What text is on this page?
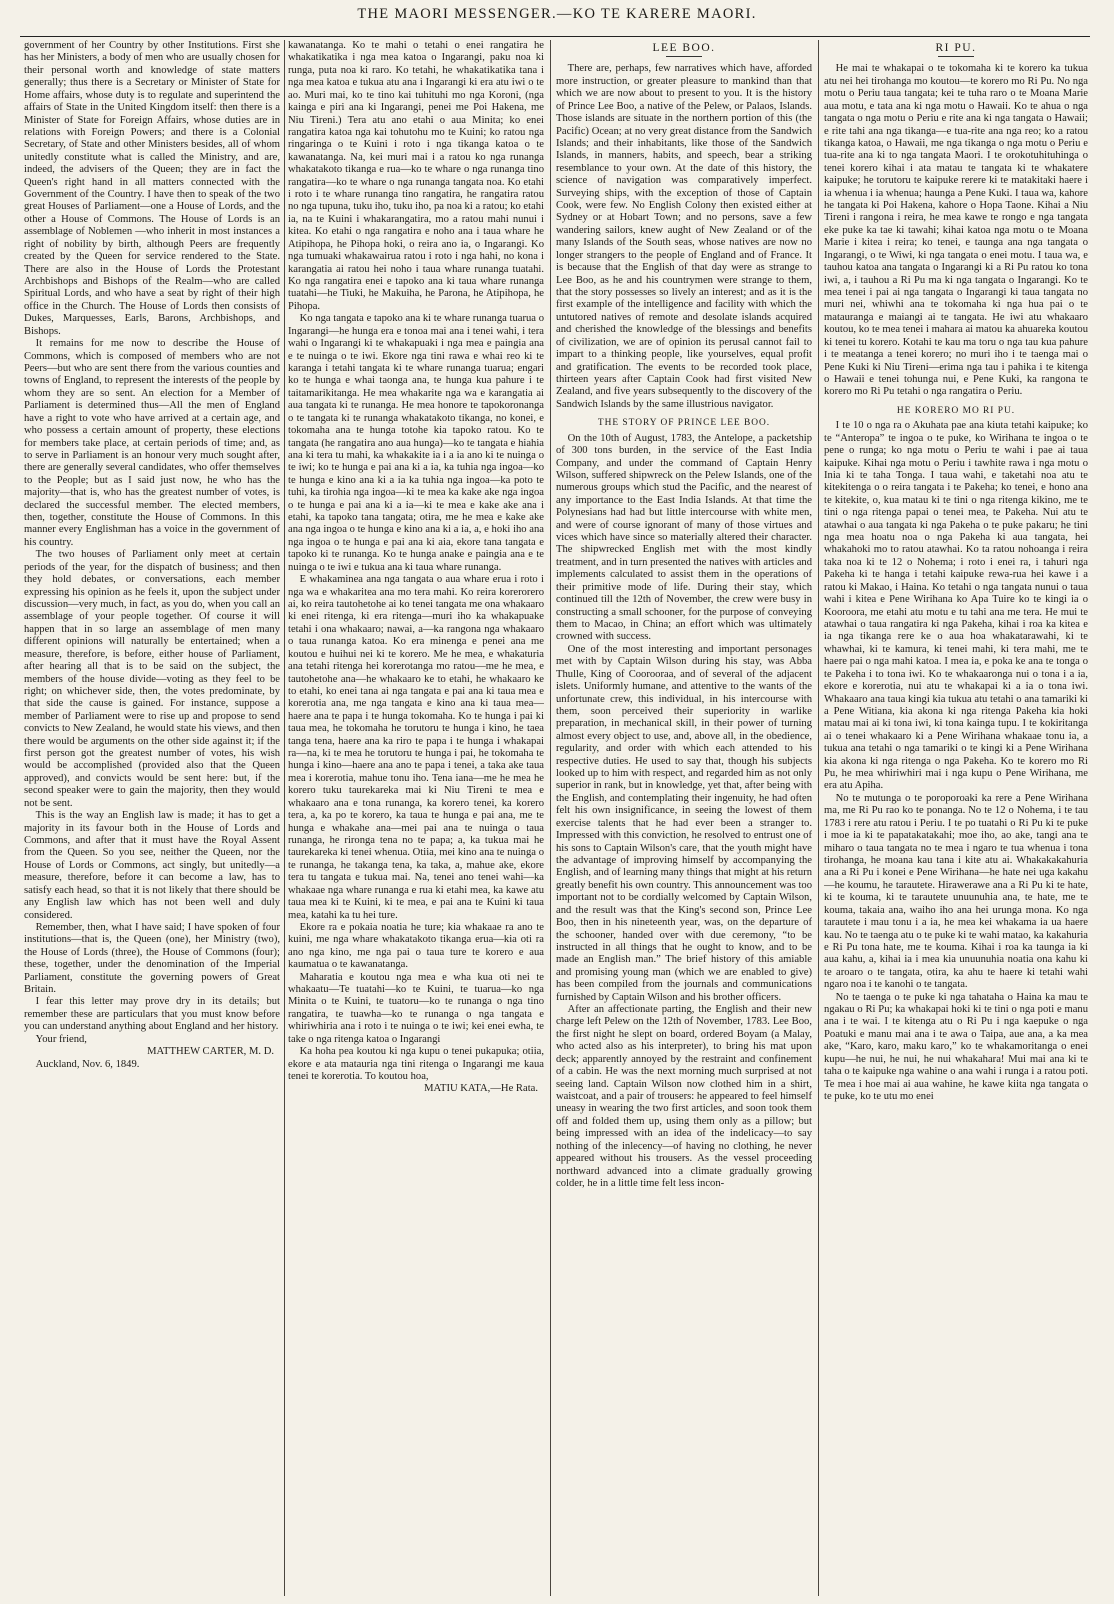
THE MAORI MESSENGER.—KO TE KARERE MAORI.

government of her Country by other Institutions. First she has her Ministers, a body of men who are usually chosen for their personal worth and knowledge of state matters generally; thus there is a Secretary or Minister of State for Home affairs, whose duty is to regulate and superintend the affairs of State in the United Kingdom itself: then there is a Minister of State for Foreign Affairs, whose duties are in relations with Foreign Powers; and there is a Colonial Secretary, of State and other Ministers besides, all of whom unitedly constitute what is called the Ministry, and are, indeed, the advisers of the Queen; they are in fact the Queen's right hand in all matters connected with the Government of the Country. I have then to speak of the two great Houses of Parliament—one a House of Lords, and the other a House of Commons. The House of Lords is an assemblage of Noblemen —who inherit in most instances a right of nobility by birth, although Peers are frequently created by the Queen for service rendered to the State. There are also in the House of Lords the Protestant Archbishops and Bishops of the Realm—who are called Spiritual Lords, and who have a seat by right of their high office in the Church. The House of Lords then consists of Dukes, Marquesses, Earls, Barons, Archbishops, and Bishops.

It remains for me now to describe the House of Commons, which is composed of members who are not Peers—but who are sent there from the various counties and towns of England, to represent the interests of the people by whom they are so sent. An election for a Member of Parliament is determined thus—All the men of England have a right to vote who have arrived at a certain age, and who possess a certain amount of property, these elections for members take place, at certain periods of time; and, as to serve in Parliament is an honour very much sought after, there are generally several candidates, who offer themselves to the People; but as I said just now, he who has the majority—that is, who has the greatest number of votes, is declared the successful member. The elected members, then, together, constitute the House of Commons. In this manner every Englishman has a voice in the government of his country.

The two houses of Parliament only meet at certain periods of the year, for the dispatch of business; and then they hold debates, or conversations, each member expressing his opinion as he feels it, upon the subject under discussion—very much, in fact, as you do, when you call an assemblage of your people together. Of course it will happen that in so large an assemblage of men many different opinions will naturally be entertained; when a measure, therefore, is before, either house of Parliament, after hearing all that is to be said on the subject, the members of the house divide—voting as they feel to be right; on whichever side, then, the votes predominate, by that side the cause is gained. For instance, suppose a member of Parliament were to rise up and propose to send convicts to New Zealand, he would state his views, and then there would be arguments on the other side against it; if the first person got the greatest number of votes, his wish would be accomplished (provided also that the Queen approved), and convicts would be sent here: but, if the second speaker were to gain the majority, then they would not be sent.

This is the way an English law is made; it has to get a majority in its favour both in the House of Lords and Commons, and after that it must have the Royal Assent from the Queen. So you see, neither the Queen, nor the House of Lords or Commons, act singly, but unitedly—a measure, therefore, before it can become a law, has to satisfy each head, so that it is not likely that there should be any English law which has not been well and duly considered.

Remember, then, what I have said; I have spoken of four institutions—that is, the Queen (one), her Ministry (two), the House of Lords (three), the House of Commons (four); these, together, under the denomination of the Imperial Parliament, constitute the governing powers of Great Britain.

I fear this letter may prove dry in its details; but remember these are particulars that you must know before you can understand anything about England and her history.

Your friend,

MATTHEW CARTER, M. D.

Auckland, Nov. 6, 1849.

kawanatanga. Ko te mahi o tetahi o enei rangatira he whakatikatika i nga mea katoa o Ingarangi, paku noa ki runga, puta noa ki raro. Ko tetahi, he whakatikatika tana i nga mea katoa e tukua atu ana i Ingarangi ki era atu iwi o te ao. Muri mai, ko te tino kai tuhituhi mo nga Koroni, (nga kainga e piri ana ki Ingarangi, penei me Poi Hakena, me Niu Tireni.) Tera atu ano etahi o aua Minita; ko enei rangatira katoa nga kai tohutohu mo te Kuini; ko ratou nga ringaringa o te Kuini i roto i nga tikanga katoa o te kawanatanga. Na, kei muri mai i a ratou ko nga runanga whakatakoto tikanga e rua—ko te whare o nga runanga tino rangatira—ko te whare o nga runanga tangata noa. Ko etahi i roto i te whare runanga tino rangatira, he rangatira ratou no nga tupuna, tuku iho, tuku iho, pa noa ki a ratou; ko etahi ia, na te Kuini i whakarangatira, mo a ratou mahi nunui i kitea. Ko etahi o nga rangatira e noho ana i taua whare he Atipihopa, he Pihopa hoki, o reira ano ia, o Ingarangi. Ko nga tumuaki whakawairua ratou i roto i nga hahi, no kona i karangatia ai ratou hei noho i taua whare runanga tuatahi. Ko nga rangatira enei e tapoko ana ki taua whare runanga tuatahi—he Tiuki, he Makuiha, he Parona, he Atipihopa, he Pihopa.

Ko nga tangata e tapoko ana ki te whare runanga tuarua o Ingarangi—he hunga era e tonoa mai ana i tenei wahi, i tera wahi o Ingarangi ki te whakapuaki i nga mea e paingia ana e te nuinga o te iwi. Ekore nga tini rawa e whai reo ki te karanga i tetahi tangata ki te whare runanga tuarua; engari ko te hunga e whai taonga ana, te hunga kua pahure i te taitamarikitanga. He mea whakarite nga wa e karangatia ai aua tangata ki te runanga. He mea honore te tapokoronanga o te tangata ki te runanga whakatakoto tikanga, no konei, e tokomaha ana te hunga totohe kia tapoko ratou. Ko te tangata (he rangatira ano aua hunga)—ko te tangata e hiahia ana ki tera tu mahi, ka whakakite ia i a ia ano ki te nuinga o te iwi; ko te hunga e pai ana ki a ia, ka tuhia nga ingoa—ko te hunga e kino ana ki a ia ka tuhia nga ingoa—ka poto te tuhi, ka tirohia nga ingoa—ki te mea ka kake ake nga ingoa o te hunga e pai ana ki a ia—ki te mea e kake ake ana i etahi, ka tapoko tana tangata; otira, me he mea e kake ake ana nga ingoa o te hunga e kino ana ki a ia, a, e hoki iho ana nga ingoa o te hunga e pai ana ki aia, ekore tana tangata e tapoko ki te runanga. Ko te hunga anake e paingia ana e te nuinga o te iwi e tukua ana ki taua whare runanga.

E whakaminea ana nga tangata o aua whare erua i roto i nga wa e whakaritea ana mo tera mahi. Ko reira korerorero ai, ko reira tautohetohe ai ko tenei tangata me ona whakaaro ki enei ritenga, ki era ritenga—muri iho ka whakapuake tetahi i ona whakaaro; nawai, a—ka rangona nga whakaaro o taua runanga katoa. Ko era minenga e penei ana me koutou e huihui nei ki te korero. Me he mea, e whakaturia ana tetahi ritenga hei korerotanga mo ratou—me he mea, e tautohetohe ana—he whakaaro ke to etahi, he whakaaro ke to etahi, ko enei tana ai nga tangata e pai ana ki taua mea e korerotia ana, me nga tangata e kino ana ki taua mea—haere ana te papa i te hunga tokomaha. Ko te hunga i pai ki taua mea, he tokomaha he torutoru te hunga i kino, he taea tanga tena, haere ana ka riro te papa i te hunga i whakapai ra—na, ki te mea he torutoru te hunga i pai, he tokomaha te hunga i kino—haere ana ano te papa i tenei, a taka ake taua mea i korerotia, mahue tonu iho. Tena iana—me he mea he korero tuku taurekareka mai ki Niu Tireni te mea e whakaaro ana e tona runanga, ka korero tenei, ka korero tera, a, ka po te korero, ka taua te hunga e pai ana, me te hunga e whakahe ana—mei pai ana te nuinga o taua runanga, he rironga tena no te papa; a, ka tukua mai he taurekareka ki tenei whenua. Otiia, mei kino ana te nuinga o te runanga, he takanga tena, ka taka, a, mahue ake, ekore tera tu tangata e tukua mai. Na, tenei ano tenei wahi—ka whakaae nga whare runanga e rua ki etahi mea, ka kawe atu taua mea ki te Kuini, ki te mea, e pai ana te Kuini ki taua mea, katahi ka tu hei ture.

Ekore ra e pokaia noatia he ture; kia whakaae ra ano te kuini, me nga whare whakatakoto tikanga erua—kia oti ra ano nga kino, me nga pai o taua ture te korero e aua kaumatua o te kawanatanga.

Maharatia e koutou nga mea e wha kua oti nei te whakaatu—Te tuatahi—ko te Kuini, te tuarua—ko nga Minita o te Kuini, te tuatoru—ko te runanga o nga tino rangatira, te tuawha—ko te runanga o nga tangata e whiriwhiria ana i roto i te nuinga o te iwi; kei enei ewha, te take o nga ritenga katoa o Ingarangi

Ka hoha pea koutou ki nga kupu o tenei pukapuka; otiia, ekore e ata matauria nga tini ritenga o Ingarangi me kaua tenei te korerotia. To koutou hoa,

MATIU KATA,—He Rata.

LEE BOO.

There are, perhaps, few narratives which have, afforded more instruction, or greater pleasure to mankind than that which we are now about to present to you. It is the history of Prince Lee Boo, a native of the Pelew, or Palaos, Islands. Those islands are situate in the northern portion of this (the Pacific) Ocean; at no very great distance from the Sandwich Islands; and their inhabitants, like those of the Sandwich Islands, in manners, habits, and speech, bear a striking resemblance to your own. At the date of this history, the science of navigation was comparatively imperfect. Surveying ships, with the exception of those of Captain Cook, were few. No English Colony then existed either at Sydney or at Hobart Town; and no persons, save a few wandering sailors, knew aught of New Zealand or of the many Islands of the South seas, whose natives are now no longer strangers to the people of England and of France. It is because that the English of that day were as strange to Lee Boo, as he and his countrymen were strange to them, that the story possesses so lively an interest; and as it is the first example of the intelligence and facility with which the untutored natives of remote and desolate islands acquired and cherished the knowledge of the blessings and benefits of civilization, we are of opinion its perusal cannot fail to impart to a thinking people, like yourselves, equal profit and gratification. The events to be recorded took place, thirteen years after Captain Cook had first visited New Zealand, and five years subsequently to the discovery of the Sandwich Islands by the same illustrious navigator.

THE STORY OF PRINCE LEE BOO.

On the 10th of August, 1783, the Antelope, a packetship of 300 tons burden, in the service of the East India Company, and under the command of Captain Henry Wilson, suffered shipwreck on the Pelew Islands, one of the numerous groups which stud the Pacific, and the nearest of any importance to the East India Islands. At that time the Polynesians had had but little intercourse with white men, and were of course ignorant of many of those virtues and vices which have since so materially altered their character. The shipwrecked English met with the most kindly treatment, and in turn presented the natives with articles and implements calculated to assist them in the operations of their primitive mode of life. During their stay, which continued till the 12th of November, the crew were busy in constructing a small schooner, for the purpose of conveying them to Macao, in China; an effort which was ultimately crowned with success.

One of the most interesting and important personages met with by Captain Wilson during his stay, was Abba Thulle, King of Coorooraa, and of several of the adjacent islets. Uniformly humane, and attentive to the wants of the unfortunate crew, this individual, in his intercourse with them, soon perceived their superiority in warlike preparation, in mechanical skill, in their power of turning almost every object to use, and, above all, in the obedience, regularity, and order with which each attended to his respective duties. He used to say that, though his subjects looked up to him with respect, and regarded him as not only superior in rank, but in knowledge, yet that, after being with the English, and contemplating their ingenuity, he had often felt his own insignificance, in seeing the lowest of them exercise talents that he had ever been a stranger to. Impressed with this conviction, he resolved to entrust one of his sons to Captain Wilson's care, that the youth might have the advantage of improving himself by accompanying the English, and of learning many things that might at his return greatly benefit his own country. This announcement was too important not to be cordially welcomed by Captain Wilson, and the result was that the King's second son, Prince Lee Boo, then in his nineteenth year, was, on the departure of the schooner, handed over with due ceremony, “to be instructed in all things that he ought to know, and to be made an English man.” The brief history of this amiable and promising young man (which we are enabled to give) has been compiled from the journals and communications furnished by Captain Wilson and his brother officers.

After an affectionate parting, the English and their new charge left Pelew on the 12th of November, 1783. Lee Boo, the first night he slept on board, ordered Boyam (a Malay, who acted also as his interpreter), to bring his mat upon deck; apparently annoyed by the restraint and confinement of a cabin. He was the next morning much surprised at not seeing land. Captain Wilson now clothed him in a shirt, waistcoat, and a pair of trousers: he appeared to feel himself uneasy in wearing the two first articles, and soon took them off and folded them up, using them only as a pillow; but being impressed with an idea of the indelicacy—to say nothing of the inlecency—of having no clothing, he never appeared without his trousers. As the vessel proceeding northward advanced into a climate gradually growing colder, he in a little time felt less incon-

RI PU.

He mai te whakapai o te tokomaha ki te korero ka tukua atu nei hei tirohanga mo koutou—te korero mo Ri Pu. No nga motu o Periu taua tangata; kei te tuha raro o te Moana Marie aua motu, e tata ana ki nga motu o Hawaii. Ko te ahua o nga tangata o nga motu o Periu e rite ana ki nga tangata o Hawaii; e rite tahi ana nga tikanga—e tua-rite ana nga reo; ko a ratou tikanga katoa, o Hawaii, me nga tikanga o nga motu o Periu e tua-rite ana ki to nga tangata Maori. I te orokotuhituhinga o tenei korero kihai i ata matau te tangata ki te whakatere kaipuke; he torutoru te kaipuke rerere ki te matakitaki haere i ia whenua i ia whenua; haunga a Pene Kuki. I taua wa, kahore he tangata ki Poi Hakena, kahore o Hopa Taone. Kihai a Niu Tireni i rangona i reira, he mea kawe te rongo e nga tangata eke puke ka tae ki tawahi; kihai katoa nga motu o te Moana Marie i kitea i reira; ko tenei, e taunga ana nga tangata o Ingarangi, o te Wiwi, ki nga tangata o enei motu. I taua wa, e tauhou katoa ana tangata o Ingarangi ki a Ri Pu ratou ko tona iwi, a, i tauhou a Ri Pu ma ki nga tangata o Ingarangi. Ko te mea tenei i pai ai nga tangata o Ingarangi ki taua tangata no muri nei, whiwhi ana te tokomaha ki nga hua pai o te matauranga e maiangi ai te tangata. He iwi atu whakaaro koutou, ko te mea tenei i mahara ai matou ka ahuareka koutou ki tenei tu korero. Kotahi te kau ma toru o nga tau kua pahure i te meatanga a tenei korero; no muri iho i te taenga mai o Pene Kuki ki Niu Tireni—erima nga tau i pahika i te kitenga o Hawaii e tenei tohunga nui, e Pene Kuki, ka rangona te korero mo Ri Pu tetahi o nga rangatira o Periu.

HE KORERO MO RI PU.

I te 10 o nga ra o Akuhata pae ana kiuta tetahi kaipuke; ko te “Anteropa” te ingoa o te puke, ko Wirihana te ingoa o te pene o runga; ko nga motu o Periu te wahi i pae ai taua kaipuke. Kihai nga motu o Periu i tawhite rawa i nga motu o Inia ki te taha Tonga. I taua wahi, e taketahi noa atu te kitekitenga o o reira tangata i te Pakeha; ko tenei, e hono ana te kitekite, o, kua matau ki te tini o nga ritenga kikino, me te tini o nga ritenga papai o tenei mea, te Pakeha. Nui atu te atawhai o aua tangata ki nga Pakeha o te puke pakaru; he tini nga mea hoatu noa o nga Pakeha ki aua tangata, hei whakahoki mo to ratou atawhai. Ko ta ratou nohoanga i reira taka noa ki te 12 o Nohema; i roto i enei ra, i tahuri nga Pakeha ki te hanga i tetahi kaipuke rewa-rua hei kawe i a ratou ki Makao, i Haina. Ko tetahi o nga tangata nunui o taua wahi i kitea e Pene Wirihana ko Apa Tuire ko te kingi ia o Kooroora, me etahi atu motu e tu tahi ana me tera. He mui te atawhai o taua rangatira ki nga Pakeha, kihai i roa ka kitea e ia nga tikanga rere ke o aua hoa whakatarawahi, ki te whawhai, ki te kamura, ki tenei mahi, ki tera mahi, me te haere pai o nga mahi katoa. I mea ia, e poka ke ana te tonga o te Pakeha i to tona iwi. Ko te whakaaronga nui o tona i a ia, ekore e korerotia, nui atu te whakapai ki a ia o tona iwi. Whakaaro ana taua kingi kia tukua atu tetahi o ana tamariki ki a Pene Witiana, kia akona ki nga ritenga Pakeha kia hoki matau mai ai ki tona iwi, ki tona kainga tupu. I te kokiritanga ai o tenei whakaaro ki a Pene Wirihana whakaae tonu ia, a tukua ana tetahi o nga tamariki o te kingi ki a Pene Wirihana kia akona ki nga ritenga o nga Pakeha. Ko te korero mo Ri Pu, he mea whiriwhiri mai i nga kupu o Pene Wirihana, me era atu Apiha.

No te mutunga o te poroporoaki ka rere a Pene Wirihana ma, me Ri Pu rao ko te ponanga. No te 12 o Nohema, i te tau 1783 i rere atu ratou i Periu. I te po tuatahi o Ri Pu ki te puke i moe ia ki te papatakatakahi; moe iho, ao ake, tangi ana te miharo o taua tangata no te mea i ngaro te tua whenua i tona tirohanga, he moana kau tana i kite atu ai. Whakakakahuria ana a Ri Pu i konei e Pene Wirihana—he hate nei uga kakahu—he koumu, he tarautete. Hirawerawe ana a Ri Pu ki te hate, ki te kouma, ki te tarautete unuunuhia ana, te hate, me te kouma, takaia ana, waiho iho ana hei urunga mona. Ko nga tarautete i mau tonu i a ia, he mea kei whakama ia ua haere kau. No te taenga atu o te puke ki te wahi matao, ka kakahuria e Ri Pu tona hate, me te kouma. Kihai i roa ka taunga ia ki aua kahu, a, kihai ia i mea kia unuunuhia noatia ona kahu ki te aroaro o te tangata, otira, ka ahu te haere ki tetahi wahi ngaro noa i te kanohi o te tangata.

No te taenga o te puke ki nga tahataha o Haina ka mau te ngakau o Ri Pu; ka whakapai hoki ki te tini o nga poti e manu ana i te wai. I te kitenga atu o Ri Pu i nga kaepuke o nga Poatuki e manu mai ana i te awa o Taipa, aue ana, a ka mea ake, “Karo, karo, maku karo,” ko te whakamoritanga o enei kupu—he nui, he nui, he nui whakahara! Mui mai ana ki te taha o te kaipuke nga wahine o ana wahi i runga i a ratou poti. Te mea i hoe mai ai aua wahine, he kawe kiita nga tangata o te puke, ko te utu mo enei
